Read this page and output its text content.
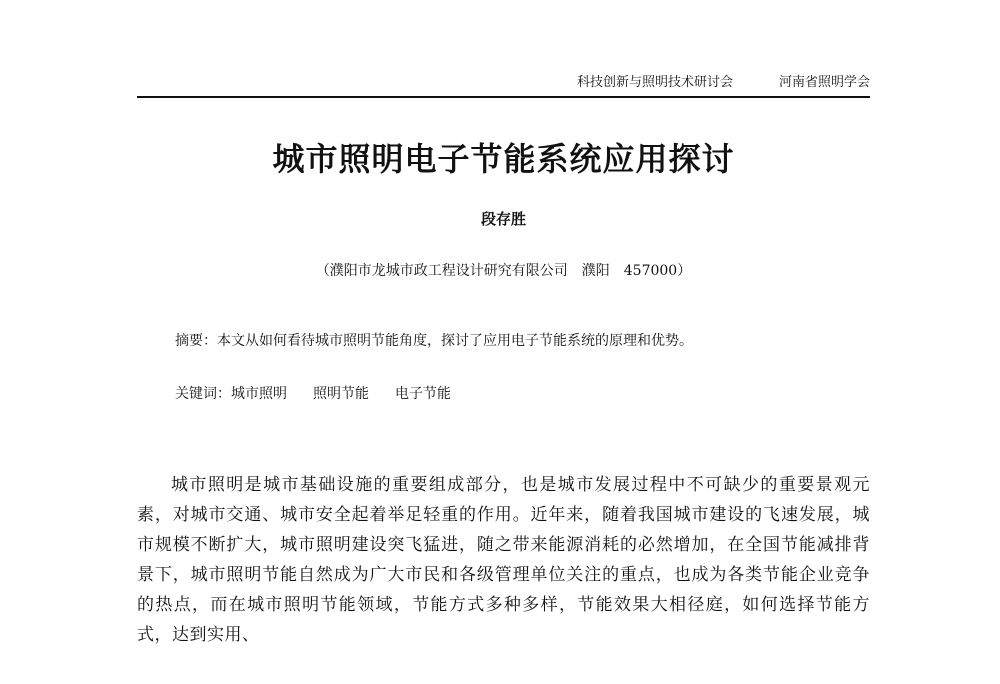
科技创新与照明技术研讨会	河南省照明学会
城市照明电子节能系统应用探讨
段存胜
（濮阳市龙城市政工程设计研究有限公司　濮阳　457000）
摘要：本文从如何看待城市照明节能角度，探讨了应用电子节能系统的原理和优势。
关键词：城市照明 照明节能 电子节能
城市照明是城市基础设施的重要组成部分，也是城市发展过程中不可缺少的重要景观元素，对城市交通、城市安全起着举足轻重的作用。近年来，随着我国城市建设的飞速发展，城市规模不断扩大，城市照明建设突飞猛进，随之带来能源消耗的必然增加，在全国节能减排背景下，城市照明节能自然成为广大市民和各级管理单位关注的重点，也成为各类节能企业竞争的热点，而在城市照明节能领域，节能方式多种多样，节能效果大相径庭，如何选择节能方式，达到实用、
